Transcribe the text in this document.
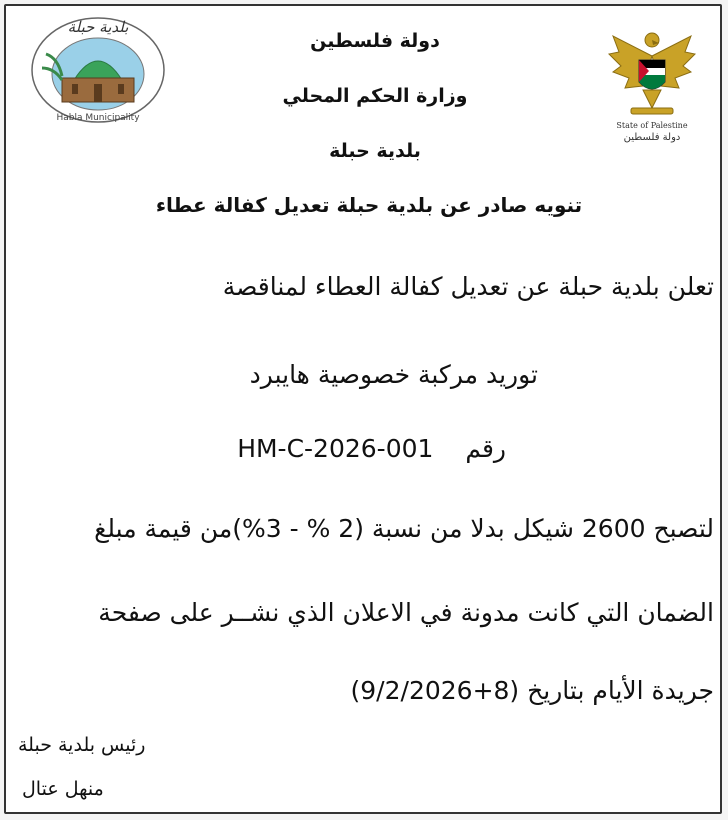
State of Palestine
دولة فلسطين
بلدية حبلة
Habla Municipality
دولة فلسطين
وزارة الحكم المحلي
بلدية حبلة
تنويه صادر عن بلدية حبلة تعديل كفالة عطاء
تعلن بلدية حبلة عن تعديل كفالة العطاء لمناقصة
توريد مركبة خصوصية هايبرد
رقم  HM-C-2026-001
لتصبح 2600 شيكل بدلا من نسبة (2 % - 3%)من قيمة مبلغ
الضمان التي كانت مدونة في الاعلان الذي نشــر على صفحة
جريدة الأيام بتاريخ (8+9/2/2026)
رئيس بلدية حبلة
منهل عتال
